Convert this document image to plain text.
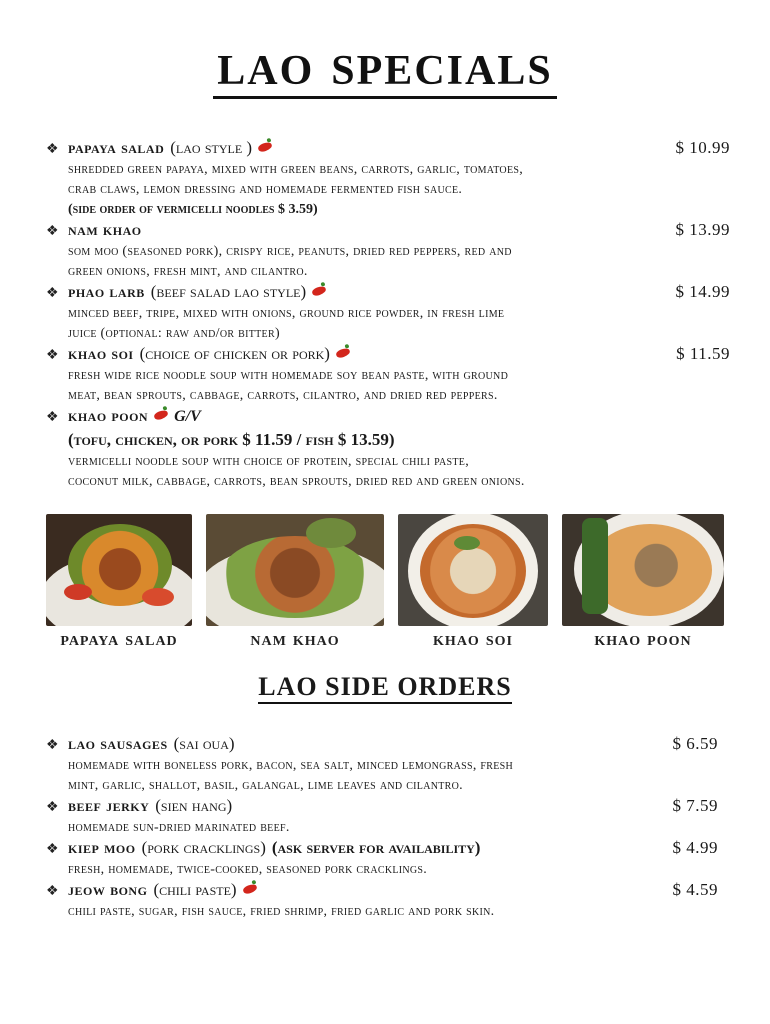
lao specials
❖ papaya salad (lao style )	$ 10.99
shredded green papaya, mixed with green beans, carrots, garlic, tomatoes,
crab claws, lemon dressing and homemade fermented fish sauce.
(side order of vermicelli noodles $ 3.59)
❖ nam khao	$ 13.99
som moo (seasoned pork), crispy rice, peanuts, dried red peppers, red and
green onions, fresh mint, and cilantro.
❖ phao larb (beef salad lao style)	$ 14.99
minced beef, tripe, mixed with onions, ground rice powder, in fresh lime
juice (optional: raw and/or bitter)
❖ khao soi (choice of chicken or pork)	$ 11.59
fresh wide rice noodle soup with homemade soy bean paste, with ground
meat, bean sprouts, cabbage, carrots, cilantro, and dried red peppers.
❖ khao poon G/V
(tofu, chicken, or pork $ 11.59 / fish $ 13.59)
vermicelli noodle soup with choice of protein, special chili paste,
coconut milk, cabbage, carrots, bean sprouts, dried red and green onions.
papaya salad	nam khao	khao soi	khao poon
LAO SIDE ORDERS
❖ lao sausages (sai oua)	$ 6.59
homemade with boneless pork, bacon, sea salt, minced lemongrass, fresh
mint, garlic, shallot, basil, galangal, lime leaves and cilantro.
❖ beef jerky (sien hang)	$ 7.59
homemade sun-dried marinated beef.
❖ kiep moo (pork cracklings) (ask server for availability)	$ 4.99
fresh, homemade, twice-cooked, seasoned pork cracklings.
❖ jeow bong (chili paste)	$ 4.59
chili paste, sugar, fish sauce, fried shrimp, fried garlic and pork skin.
